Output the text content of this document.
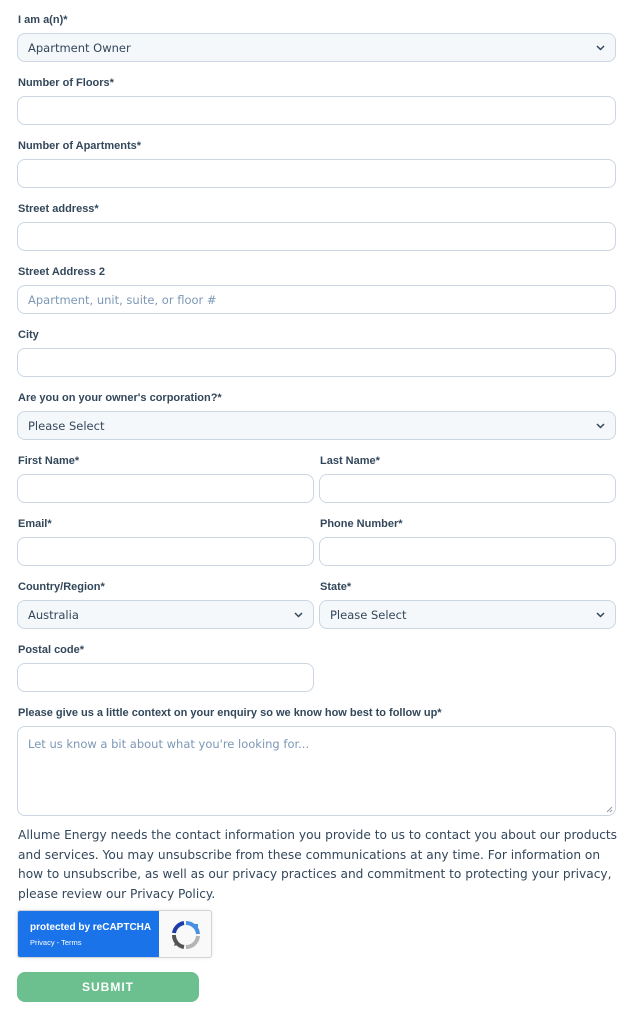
I am a(n)*
Apartment Owner
Number of Floors*
Number of Apartments*
Street address*
Street Address 2
Apartment, unit, suite, or floor #
City
Are you on your owner's corporation?*
Please Select
First Name*	Last Name*
Email*	Phone Number*
Country/Region*
Australia
State*
Please Select
Postal code*
Please give us a little context on your enquiry so we know how best to follow up*
Let us know a bit about what you're looking for...
Allume Energy needs the contact information you provide to us to contact you about our products and services. You may unsubscribe from these communications at any time. For information on how to unsubscribe, as well as our privacy practices and commitment to protecting your privacy, please review our Privacy Policy.
protected by reCAPTCHA
Privacy - Terms
SUBMIT
